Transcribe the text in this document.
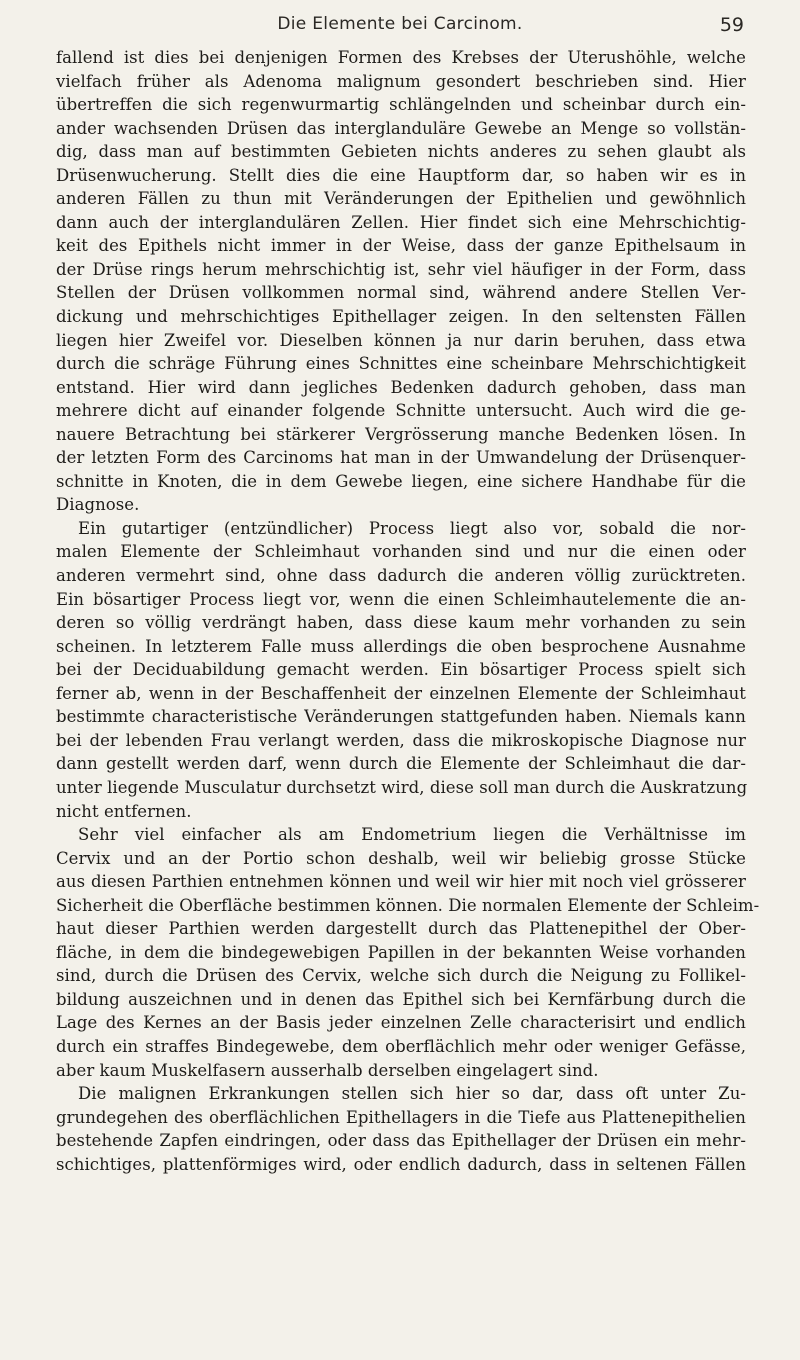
Die Elemente bei Carcinom.	59
fallend ist dies bei denjenigen Formen des Krebses der Uterushöhle, welche
vielfach früher als Adenoma malignum gesondert beschrieben sind. Hier
übertreffen die sich regenwurmartig schlängelnden und scheinbar durch ein-
ander wachsenden Drüsen das interglanduläre Gewebe an Menge so vollstän-
dig, dass man auf bestimmten Gebieten nichts anderes zu sehen glaubt als
Drüsenwucherung. Stellt dies die eine Hauptform dar, so haben wir es in
anderen Fällen zu thun mit Veränderungen der Epithelien und gewöhnlich
dann auch der interglandulären Zellen. Hier findet sich eine Mehrschichtig-
keit des Epithels nicht immer in der Weise, dass der ganze Epithelsaum in
der Drüse rings herum mehrschichtig ist, sehr viel häufiger in der Form, dass
Stellen der Drüsen vollkommen normal sind, während andere Stellen Ver-
dickung und mehrschichtiges Epithellager zeigen. In den seltensten Fällen
liegen hier Zweifel vor. Dieselben können ja nur darin beruhen, dass etwa
durch die schräge Führung eines Schnittes eine scheinbare Mehrschichtigkeit
entstand. Hier wird dann jegliches Bedenken dadurch gehoben, dass man
mehrere dicht auf einander folgende Schnitte untersucht. Auch wird die ge-
nauere Betrachtung bei stärkerer Vergrösserung manche Bedenken lösen. In
der letzten Form des Carcinoms hat man in der Umwandelung der Drüsenquer-
schnitte in Knoten, die in dem Gewebe liegen, eine sichere Handhabe für die
Diagnose.
Ein gutartiger (entzündlicher) Process liegt also vor, sobald die nor-
malen Elemente der Schleimhaut vorhanden sind und nur die einen oder
anderen vermehrt sind, ohne dass dadurch die anderen völlig zurücktreten.
Ein bösartiger Process liegt vor, wenn die einen Schleimhautelemente die an-
deren so völlig verdrängt haben, dass diese kaum mehr vorhanden zu sein
scheinen. In letzterem Falle muss allerdings die oben besprochene Ausnahme
bei der Deciduabildung gemacht werden. Ein bösartiger Process spielt sich
ferner ab, wenn in der Beschaffenheit der einzelnen Elemente der Schleimhaut
bestimmte characteristische Veränderungen stattgefunden haben. Niemals kann
bei der lebenden Frau verlangt werden, dass die mikroskopische Diagnose nur
dann gestellt werden darf, wenn durch die Elemente der Schleimhaut die dar-
unter liegende Musculatur durchsetzt wird, diese soll man durch die Auskratzung
nicht entfernen.
Sehr viel einfacher als am Endometrium liegen die Verhältnisse im
Cervix und an der Portio schon deshalb, weil wir beliebig grosse Stücke
aus diesen Parthien entnehmen können und weil wir hier mit noch viel grösserer
Sicherheit die Oberfläche bestimmen können. Die normalen Elemente der Schleim-
haut dieser Parthien werden dargestellt durch das Plattenepithel der Ober-
fläche, in dem die bindegewebigen Papillen in der bekannten Weise vorhanden
sind, durch die Drüsen des Cervix, welche sich durch die Neigung zu Follikel-
bildung auszeichnen und in denen das Epithel sich bei Kernfärbung durch die
Lage des Kernes an der Basis jeder einzelnen Zelle characterisirt und endlich
durch ein straffes Bindegewebe, dem oberflächlich mehr oder weniger Gefässe,
aber kaum Muskelfasern ausserhalb derselben eingelagert sind.
Die malignen Erkrankungen stellen sich hier so dar, dass oft unter Zu-
grundegehen des oberflächlichen Epithellagers in die Tiefe aus Plattenepithelien
bestehende Zapfen eindringen, oder dass das Epithellager der Drüsen ein mehr-
schichtiges, plattenförmiges wird, oder endlich dadurch, dass in seltenen Fällen
